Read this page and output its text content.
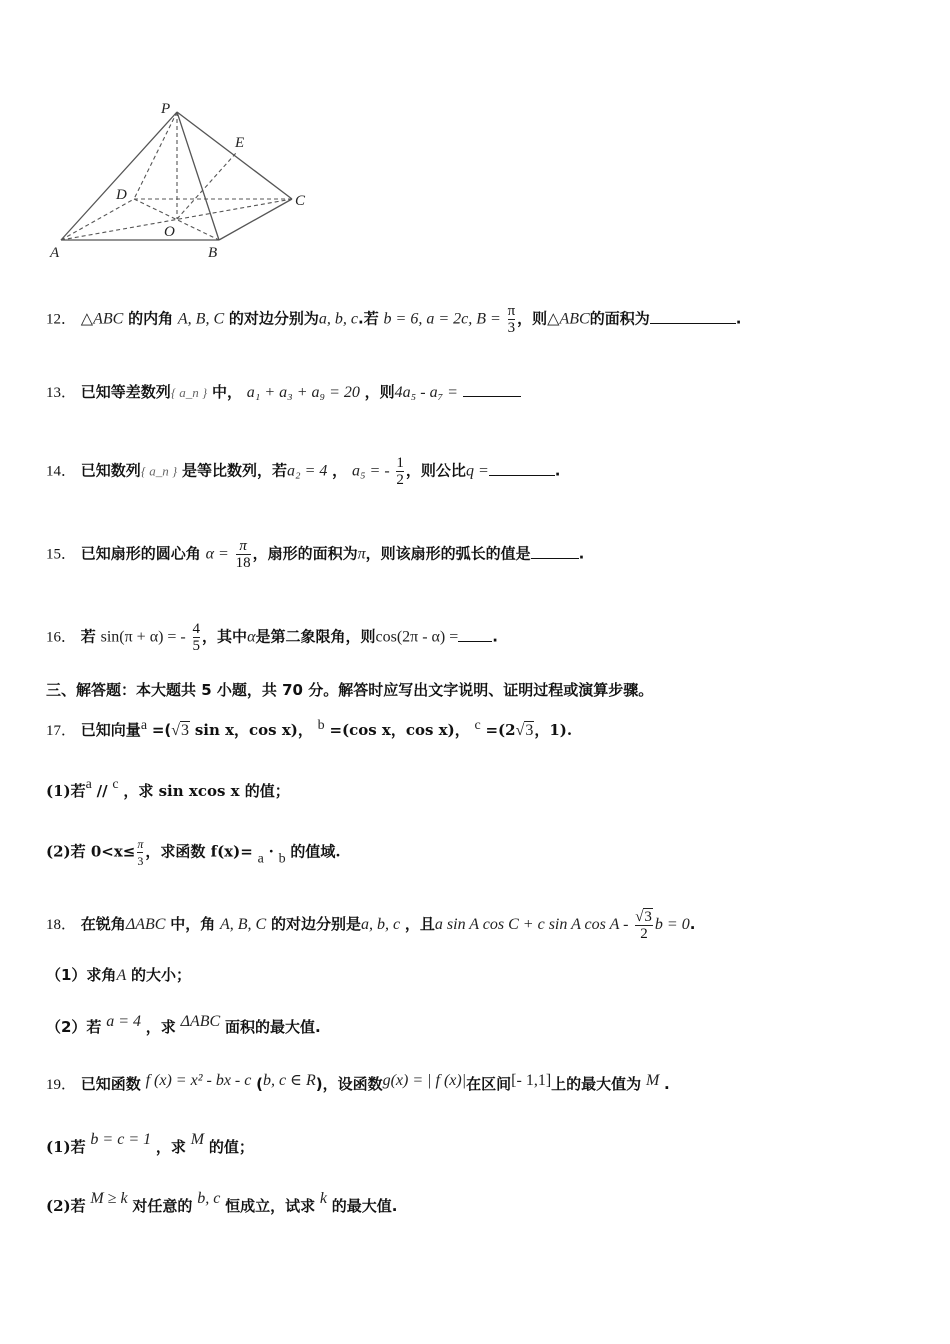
P
E
D	C
O
A	B
12． △ABC 的内角 A, B, C 的对边分别为a, b, c.若 b = 6, a = 2c, $B = \frac{\pi}{3}$ ，则△ABC的面积为	.
13． 已知等差数列{ a_n } 中， a₁ + a₃ + a₉ = 20 ，则4a₅ - a₇ =
14． 已知数列{ a_n } 是等比数列，若a₂ = 4 ， a₅ = - $\frac{1}{2}$ ，则公比q =	.
15． 已知扇形的圆心角 $\alpha = \frac{\pi}{18}$ ，扇形的面积为π，则该扇形的弧长的值是	.
16． 若 sin(π + α) = - $\frac{4}{5}$ ，其中α是第二象限角，则cos(2π - α) = .
三、解答题：本大题共 5 小题，共 70 分。解答时应写出文字说明、证明过程或演算步骤。
17． 已知向量a =(√3 sin x，cos x)， b =(cos x，cos x)， c =(2√3，1).
(1)若a // c ，求 sin xcos x 的值；
(2)若 $0<x\le \frac{\pi}{3}$ ，求函数 f(x)= a · b 的值域.
18． 在锐角ΔABC 中，角 A, B, C 的对边分别是a, b, c ，且a sin A cos C + c sin A cos A - $\frac{√3}{2}$ b = 0.
（1）求角A 的大小；
（2）若 a = 4 ，求 ΔABC 面积的最大值.
19． 已知函数 f (x) = x² - bx - c (b, c ∈ R)，设函数g(x) = | f (x)|在区间[- 1,1]上的最大值为 M .
(1)若 b = c = 1 ，求 M 的值；
(2)若 M ≥ k 对任意的 b, c 恒成立，试求 k 的最大值.
